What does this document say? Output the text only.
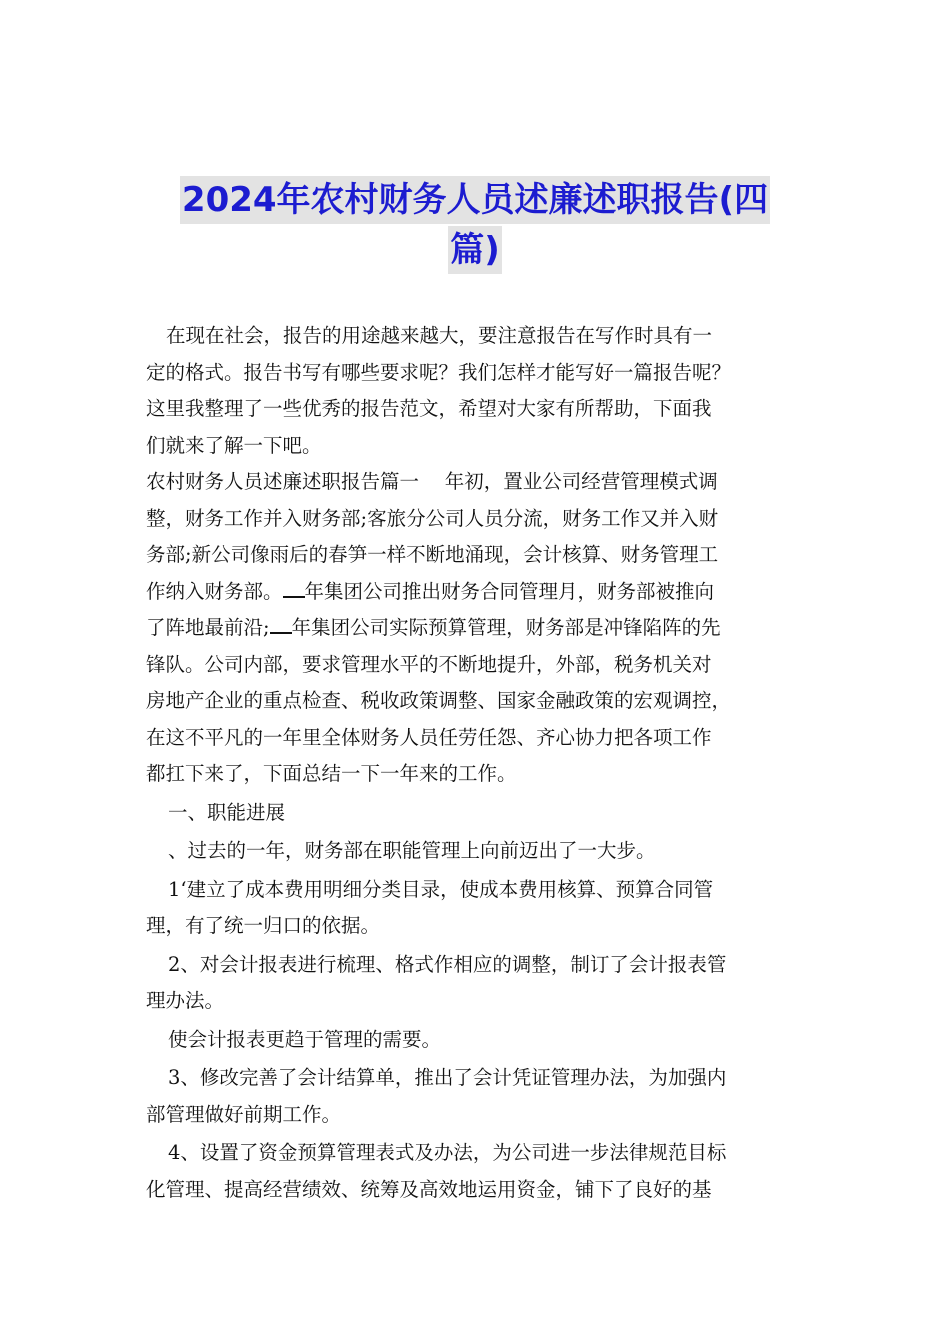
2024年农村财务人员述廉述职报告(四
篇)

在现在社会，报告的用途越来越大，要注意报告在写作时具有一

定的格式。报告书写有哪些要求呢？我们怎样才能写好一篇报告呢？

这里我整理了一些优秀的报告范文，希望对大家有所帮助，下面我

们就来了解一下吧。

农村财务人员述廉述职报告篇一　 年初，置业公司经营管理模式调

整，财务工作并入财务部;客旅分公司人员分流，财务工作又并入财

务部;新公司像雨后的春笋一样不断地涌现，会计核算、财务管理工

作纳入财务部。 年集团公司推出财务合同管理月，财务部被推向

了阵地最前沿; 年集团公司实际预算管理，财务部是冲锋陷阵的先

锋队。公司内部，要求管理水平的不断地提升，外部，税务机关对

房地产企业的重点检查、税收政策调整、国家金融政策的宏观调控，

在这不平凡的一年里全体财务人员任劳任怨、齐心协力把各项工作

都扛下来了，下面总结一下一年来的工作。

一、职能进展

、过去的一年，财务部在职能管理上向前迈出了一大步。

1‘建立了成本费用明细分类目录，使成本费用核算、预算合同管

理，有了统一归口的依据。

2、对会计报表进行梳理、格式作相应的调整，制订了会计报表管

理办法。

使会计报表更趋于管理的需要。

3、修改完善了会计结算单，推出了会计凭证管理办法，为加强内

部管理做好前期工作。

4、设置了资金预算管理表式及办法，为公司进一步法律规范目标

化管理、提高经营绩效、统筹及高效地运用资金，铺下了良好的基
